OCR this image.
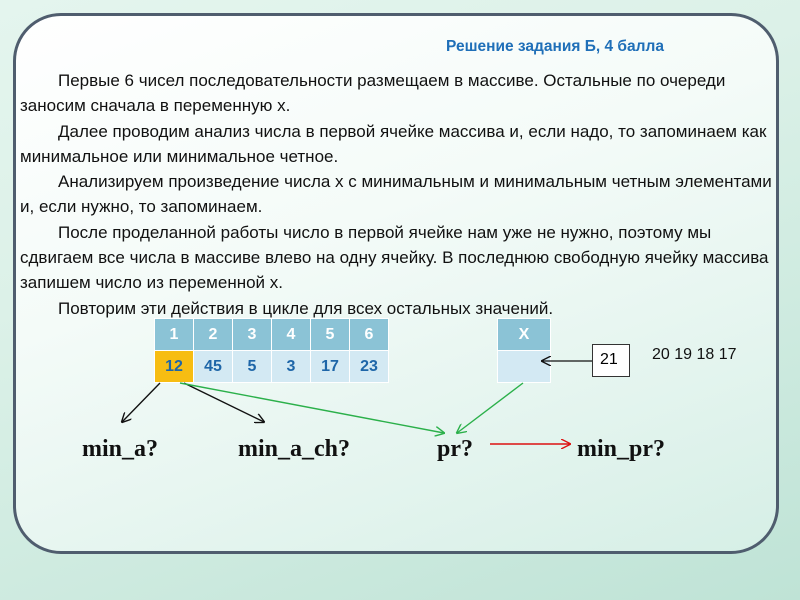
Решение задания Б, 4 балла

Первые 6 чисел последовательности размещаем в массиве. Остальные по очереди заносим сначала в переменную x.

Далее проводим анализ числа в первой ячейке массива и, если надо, то запоминаем как минимальное или минимальное четное.

Анализируем произведение числа x с минимальным и минимальным четным элементами и, если нужно, то запоминаем.

После проделанной работы число в первой ячейке нам уже не нужно, поэтому мы сдвигаем все числа в массиве влево на одну ячейку. В последнюю свободную ячейку массива запишем число из переменной x.

Повторим эти действия в цикле для всех остальных значений.

1	2	3	4	5	6
12	45	5	3	17	23
X

21	20 19 18 17
min_a?	min_a_ch?	pr?	min_pr?
